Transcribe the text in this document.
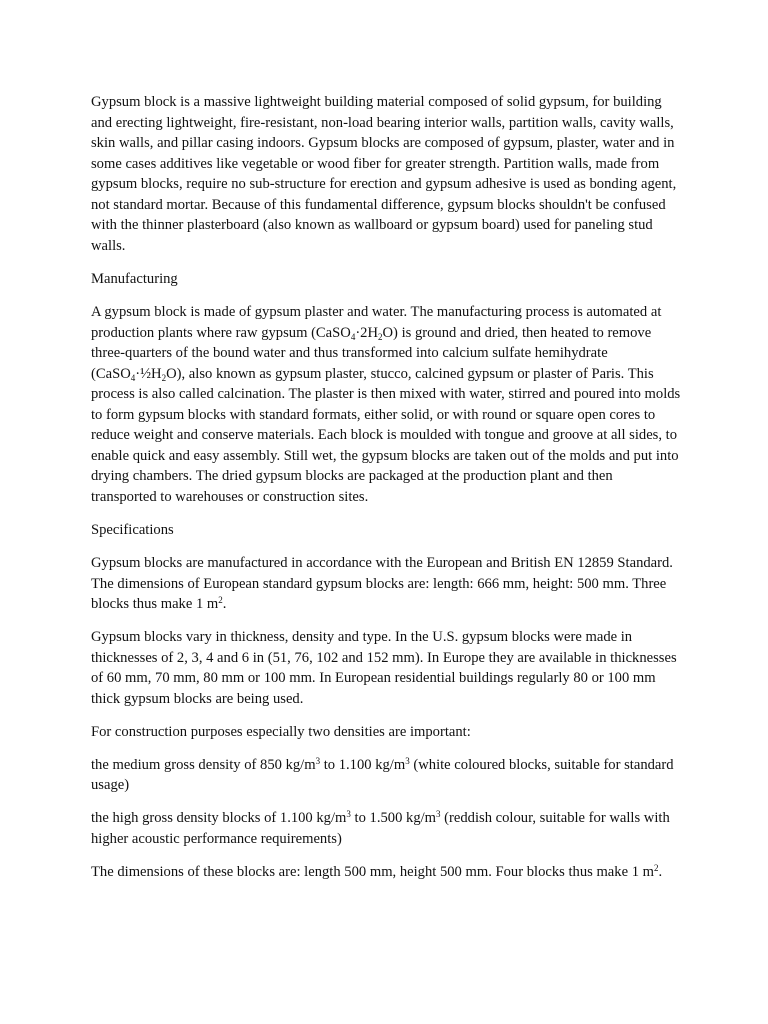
Gypsum block is a massive lightweight building material composed of solid gypsum, for building and erecting lightweight, fire-resistant, non-load bearing interior walls, partition walls, cavity walls, skin walls, and pillar casing indoors. Gypsum blocks are composed of gypsum, plaster, water and in some cases additives like vegetable or wood fiber for greater strength. Partition walls, made from gypsum blocks, require no sub-structure for erection and gypsum adhesive is used as bonding agent, not standard mortar. Because of this fundamental difference, gypsum blocks shouldn't be confused with the thinner plasterboard (also known as wallboard or gypsum board) used for paneling stud walls.

Manufacturing

A gypsum block is made of gypsum plaster and water. The manufacturing process is automated at production plants where raw gypsum $(CaSO_4\cdot 2H_2O)$ is ground and dried, then heated to remove three-quarters of the bound water and thus transformed into calcium sulfate hemihydrate $(CaSO_4\cdot\frac{1}{2}H_2O)$, also known as gypsum plaster, stucco, calcined gypsum or plaster of Paris. This process is also called calcination. The plaster is then mixed with water, stirred and poured into molds to form gypsum blocks with standard formats, either solid, or with round or square open cores to reduce weight and conserve materials. Each block is moulded with tongue and groove at all sides, to enable quick and easy assembly. Still wet, the gypsum blocks are taken out of the molds and put into drying chambers. The dried gypsum blocks are packaged at the production plant and then transported to warehouses or construction sites.

Specifications

Gypsum blocks are manufactured in accordance with the European and British EN 12859 Standard. The dimensions of European standard gypsum blocks are: length: 666 mm, height: 500 mm. Three blocks thus make 1 $m^2$.

Gypsum blocks vary in thickness, density and type. In the U.S. gypsum blocks were made in thicknesses of 2, 3, 4 and 6 in (51, 76, 102 and 152 mm). In Europe they are available in thicknesses of 60 mm, 70 mm, 80 mm or 100 mm. In European residential buildings regularly 80 or 100 mm thick gypsum blocks are being used.

For construction purposes especially two densities are important:

the medium gross density of 850 $kg/m^3$ to 1.100 $kg/m^3$ (white coloured blocks, suitable for standard usage)

the high gross density blocks of 1.100 $kg/m^3$ to 1.500 $kg/m^3$ (reddish colour, suitable for walls with higher acoustic performance requirements)

The dimensions of these blocks are: length 500 mm, height 500 mm. Four blocks thus make 1 $m^2$.
